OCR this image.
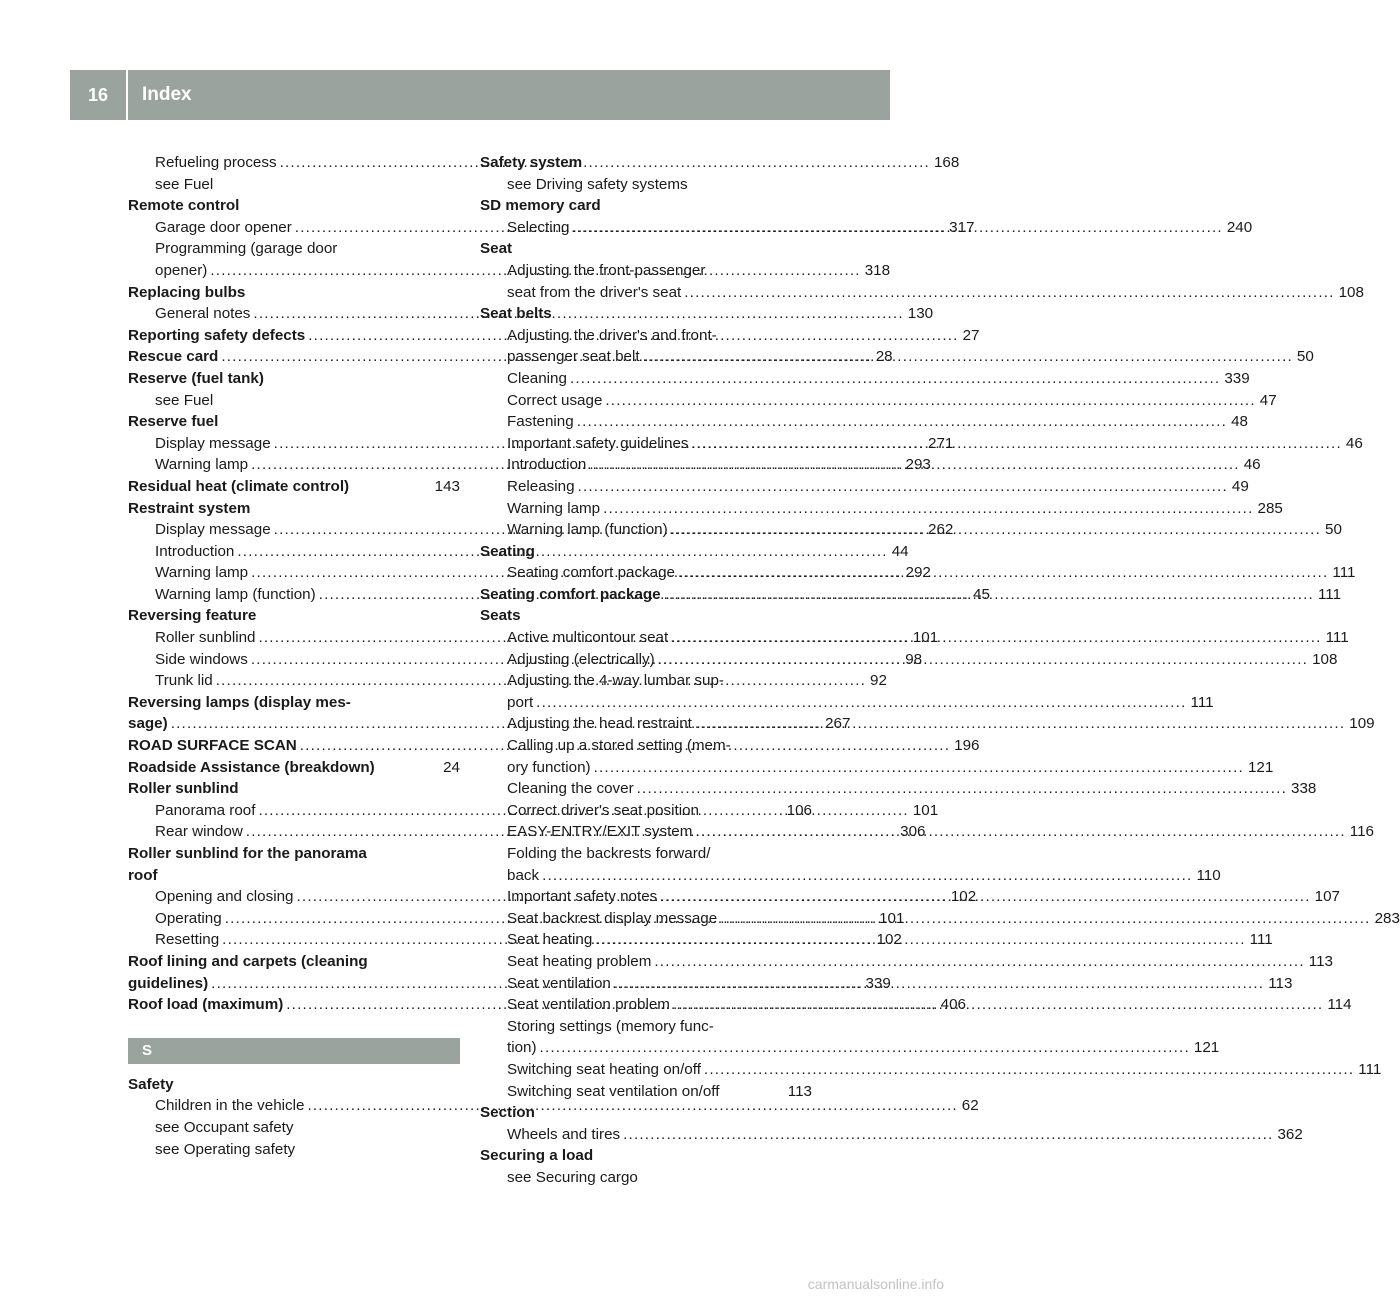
16	Index
Refueling process .....	168
see Fuel
Remote control
Garage door opener .....	317
Programming (garage door
opener) .....	318
Replacing bulbs
General notes .....	130
Reporting safety defects .....	27
Rescue card .....	28
Reserve (fuel tank)
see Fuel
Reserve fuel
Display message .....	271
Warning lamp .....	293
Residual heat (climate control)	143
Restraint system
Display message .....	262
Introduction .....	44
Warning lamp .....	292
Warning lamp (function) .....	45
Reversing feature
Roller sunblind .....	101
Side windows .....	98
Trunk lid .....	92
Reversing lamps (display mes-
sage) .....	267
ROAD SURFACE SCAN .....	196
Roadside Assistance (breakdown)	24
Roller sunblind
Panorama roof .....	101
Rear window .....	306
Roller sunblind for the panorama
roof
Opening and closing .....	102
Operating .....	101
Resetting .....	102
Roof lining and carpets (cleaning
guidelines) .....	339
Roof load (maximum) .....	406
S
Safety
Children in the vehicle .....	62
see Occupant safety
see Operating safety
Safety system
see Driving safety systems
SD memory card
Selecting .....	240
Seat
Adjusting the front-passenger
seat from the driver's seat .....	108
Seat belts
Adjusting the driver's and front-
passenger seat belt .....	50
Cleaning .....	339
Correct usage .....	47
Fastening .....	48
Important safety guidelines .....	46
Introduction .....	46
Releasing .....	49
Warning lamp .....	285
Warning lamp (function) .....	50
Seating
Seating comfort package .....	111
Seating comfort package .....	111
Seats
Active multicontour seat .....	111
Adjusting (electrically) .....	108
Adjusting the 4-way lumbar sup-
port .....	111
Adjusting the head restraint .....	109
Calling up a stored setting (mem-
ory function) .....	121
Cleaning the cover .....	338
Correct driver's seat position	106
EASY-ENTRY/EXIT system .....	116
Folding the backrests forward/
back .....	110
Important safety notes .....	107
Seat backrest display message .....	283
Seat heating .....	111
Seat heating problem .....	113
Seat ventilation .....	113
Seat ventilation problem .....	114
Storing settings (memory func-
tion) .....	121
Switching seat heating on/off .....	111
Switching seat ventilation on/off	113
Section
Wheels and tires .....	362
Securing a load
see Securing cargo
carmanualsonline.info
